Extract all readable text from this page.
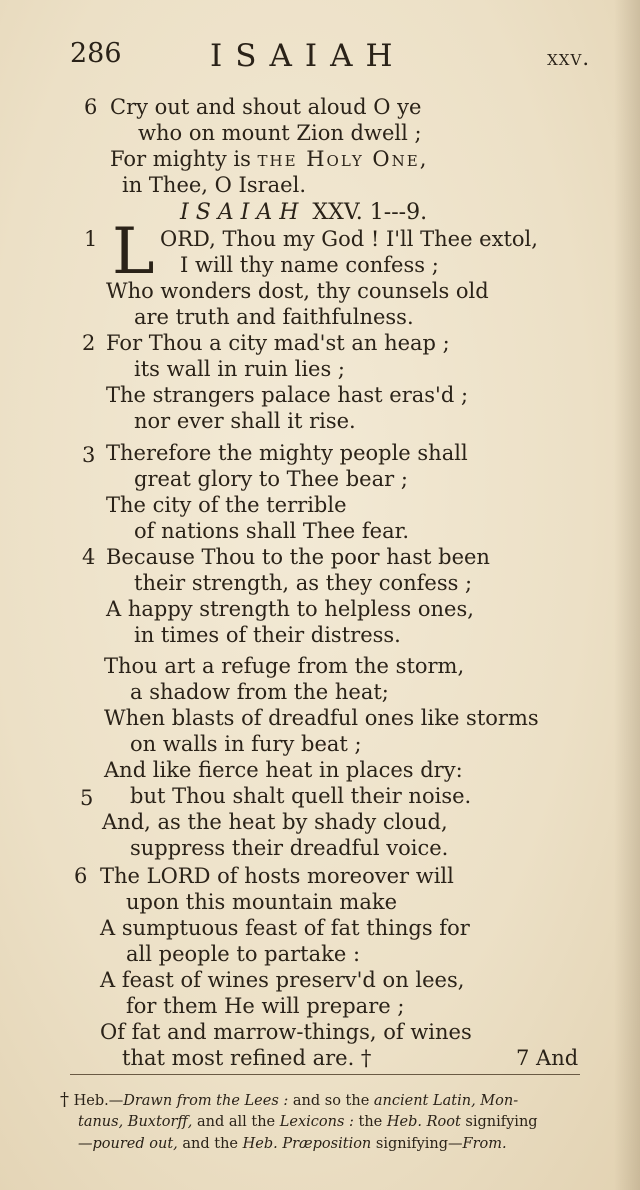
286	ISAIAH	xxv.
6 Cry out and shout aloud O ye
who on mount Zion dwell ;
For mighty is the Holy One,
in Thee, O Israel.
ISAIAH XXV. 1---9.
1 L ORD, Thou my God ! I'll Thee extol,
I will thy name confess ;
Who wonders dost, thy counsels old
are truth and faithfulness.
2 For Thou a city mad'st an heap ;
its wall in ruin lies ;
The strangers palace hast eras'd ;
nor ever shall it rise.
3 Therefore the mighty people shall
great glory to Thee bear ;
The city of the terrible
of nations shall Thee fear.
4 Because Thou to the poor hast been
their strength, as they confess ;
A happy strength to helpless ones,
in times of their distress.
Thou art a refuge from the storm,
a shadow from the heat;
When blasts of dreadful ones like storms
on walls in fury beat ;
And like fierce heat in places dry:
5 but Thou shalt quell their noise.
And, as the heat by shady cloud,
suppress their dreadful voice.
6 The LORD of hosts moreover will
upon this mountain make
A sumptuous feast of fat things for
all people to partake :
A feast of wines preserv'd on lees,
for them He will prepare ;
Of fat and marrow-things, of wines
that most refined are. †	7 And
† Heb.—Drawn from the Lees : and so the ancient Latin, Mon-
tanus, Buxtorff, and all the Lexicons : the Heb. Root signifying
—poured out, and the Heb. Præposition signifying—From.
